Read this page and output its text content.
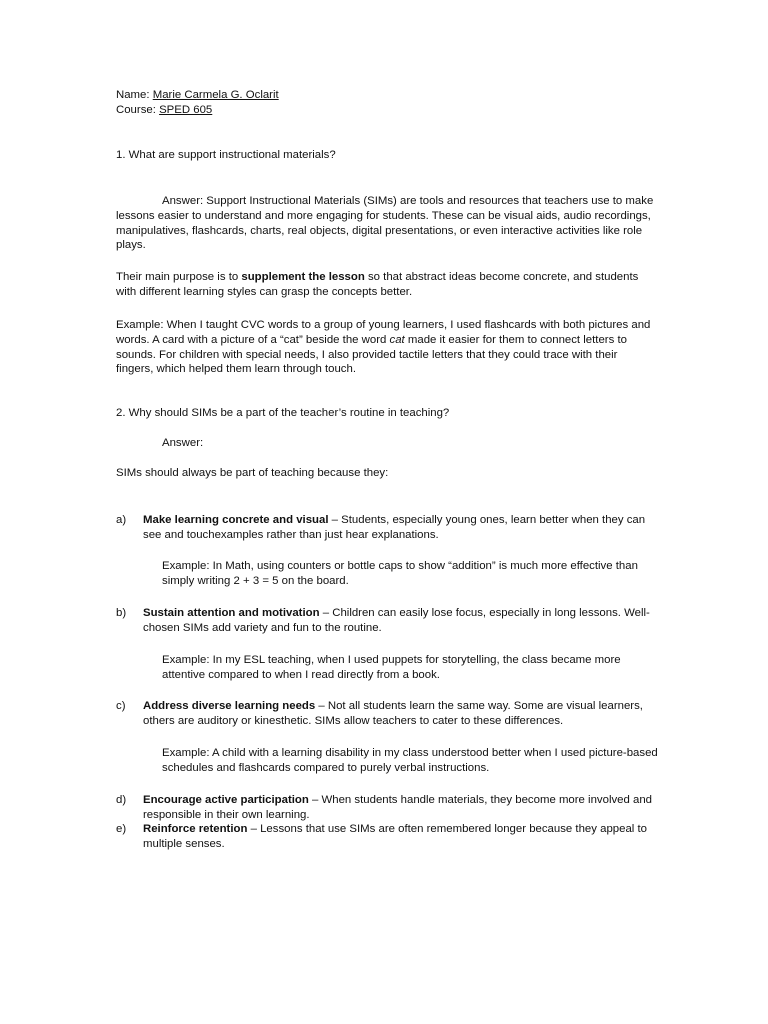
Name: Marie Carmela G. Oclarit
Course: SPED 605

1. What are support instructional materials?

Answer: Support Instructional Materials (SIMs) are tools and resources that teachers use to make lessons easier to understand and more engaging for students. These can be visual aids, audio recordings, manipulatives, flashcards, charts, real objects, digital presentations, or even interactive activities like role plays.

Their main purpose is to supplement the lesson so that abstract ideas become concrete, and students with different learning styles can grasp the concepts better.

Example: When I taught CVC words to a group of young learners, I used flashcards with both pictures and words. A card with a picture of a “cat” beside the word cat made it easier for them to connect letters to sounds. For children with special needs, I also provided tactile letters that they could trace with their fingers, which helped them learn through touch.

2. Why should SIMs be a part of the teacher’s routine in teaching?

Answer:

SIMs should always be part of teaching because they:

a)	Make learning concrete and visual – Students, especially young ones, learn better when they can see and touchexamples rather than just hear explanations.

Example: In Math, using counters or bottle caps to show “addition” is much more effective than simply writing 2 + 3 = 5 on the board.

b)	Sustain attention and motivation – Children can easily lose focus, especially in long lessons. Well-chosen SIMs add variety and fun to the routine.

Example: In my ESL teaching, when I used puppets for storytelling, the class became more attentive compared to when I read directly from a book.

c)	Address diverse learning needs – Not all students learn the same way. Some are visual learners, others are auditory or kinesthetic. SIMs allow teachers to cater to these differences.

Example: A child with a learning disability in my class understood better when I used picture-based schedules and flashcards compared to purely verbal instructions.

d)	Encourage active participation – When students handle materials, they become more involved and responsible in their own learning.

e)	Reinforce retention – Lessons that use SIMs are often remembered longer because they appeal to multiple senses.
